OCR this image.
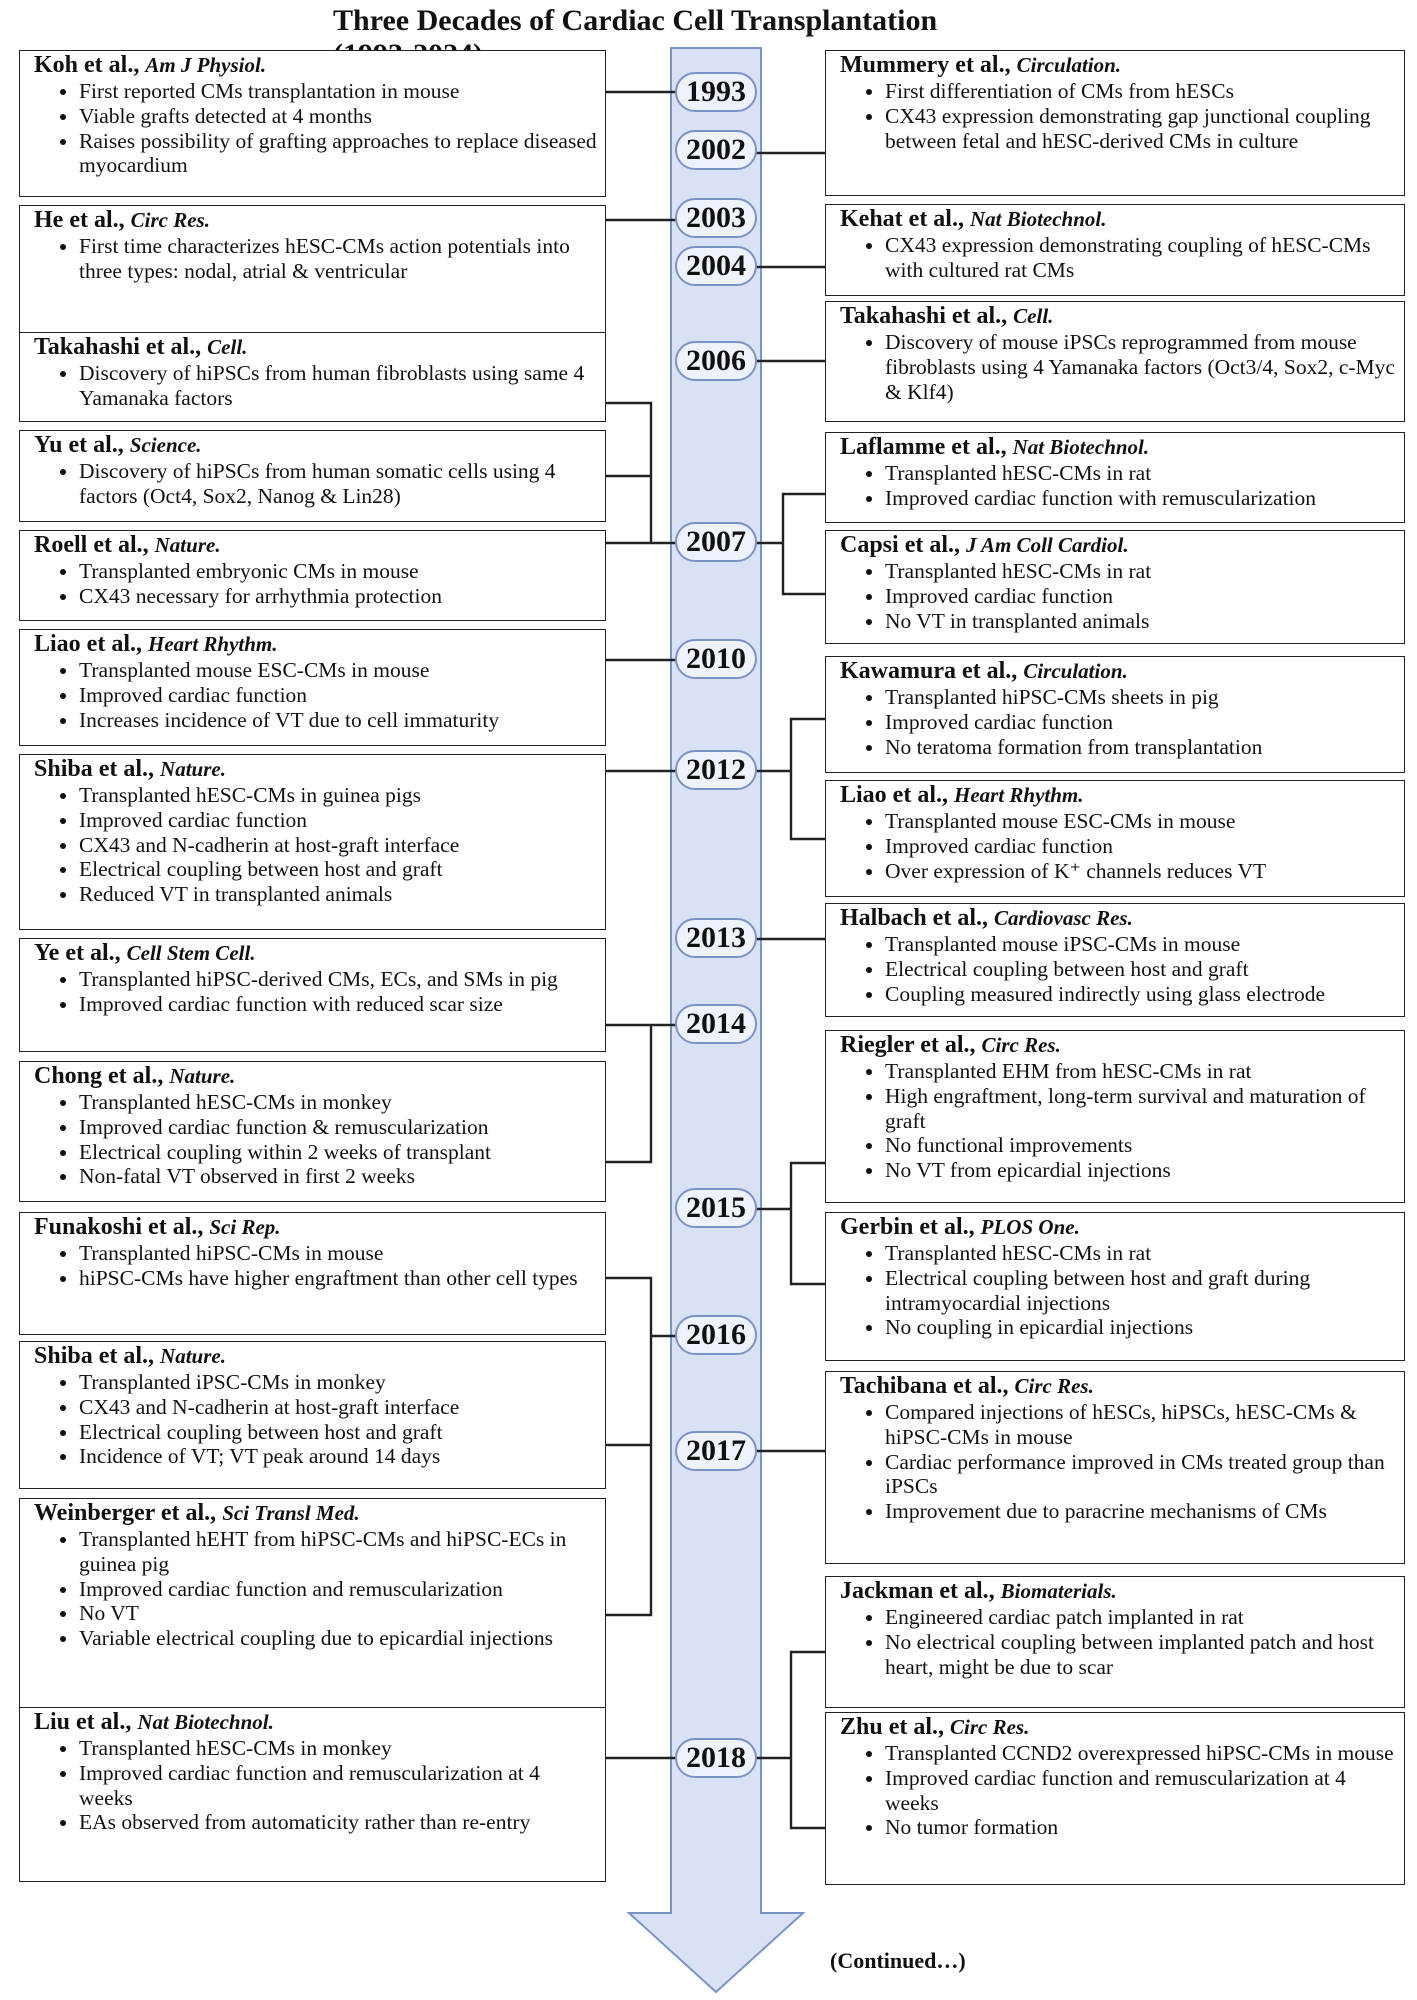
Three Decades of Cardiac Cell Transplantation
1993
2002
2003
2004
2006
2007
2010
2012
2013
2014
2015
2016
2017
2018
Koh et al., Am J Physiol.
• First reported CMs transplantation in mouse
• Viable grafts detected at 4 months
• Raises possibility of grafting approaches to replace diseased myocardium
He et al., Circ Res.
• First time characterizes hESC-CMs action potentials into three types: nodal, atrial & ventricular
Takahashi et al., Cell.
• Discovery of hiPSCs from human fibroblasts using same 4 Yamanaka factors
Yu et al., Science.
• Discovery of hiPSCs from human somatic cells using 4 factors (Oct4, Sox2, Nanog & Lin28)
Roell et al., Nature.
• Transplanted embryonic CMs in mouse
• CX43 necessary for arrhythmia protection
Liao et al., Heart Rhythm.
• Transplanted mouse ESC-CMs in mouse
• Improved cardiac function
• Increases incidence of VT due to cell immaturity
Shiba et al., Nature.
• Transplanted hESC-CMs in guinea pigs
• Improved cardiac function
• CX43 and N-cadherin at host-graft interface
• Electrical coupling between host and graft
• Reduced VT in transplanted animals
Ye et al., Cell Stem Cell.
• Transplanted hiPSC-derived CMs, ECs, and SMs in pig
• Improved cardiac function with reduced scar size
Chong et al., Nature.
• Transplanted hESC-CMs in monkey
• Improved cardiac function & remuscularization
• Electrical coupling within 2 weeks of transplant
• Non-fatal VT observed in first 2 weeks
Funakoshi et al., Sci Rep.
• Transplanted hiPSC-CMs in mouse
• hiPSC-CMs have higher engraftment than other cell types
Shiba et al., Nature.
• Transplanted iPSC-CMs in monkey
• CX43 and N-cadherin at host-graft interface
• Electrical coupling between host and graft
• Incidence of VT; VT peak around 14 days
Weinberger et al., Sci Transl Med.
• Transplanted hEHT from hiPSC-CMs and hiPSC-ECs in guinea pig
• Improved cardiac function and remuscularization
• No VT
• Variable electrical coupling due to epicardial injections
Liu et al., Nat Biotechnol.
• Transplanted hESC-CMs in monkey
• Improved cardiac function and remuscularization at 4 weeks
• EAs observed from automaticity rather than re-entry
Mummery et al., Circulation.
• First differentiation of CMs from hESCs
• CX43 expression demonstrating gap junctional coupling between fetal and hESC-derived CMs in culture
Kehat et al., Nat Biotechnol.
• CX43 expression demonstrating coupling of hESC-CMs with cultured rat CMs
Takahashi et al., Cell.
• Discovery of mouse iPSCs reprogrammed from mouse fibroblasts using 4 Yamanaka factors (Oct3/4, Sox2, c-Myc & Klf4)
Laflamme et al., Nat Biotechnol.
• Transplanted hESC-CMs in rat
• Improved cardiac function with remuscularization
Capsi et al., J Am Coll Cardiol.
• Transplanted hESC-CMs in rat
• Improved cardiac function
• No VT in transplanted animals
Kawamura et al., Circulation.
• Transplanted hiPSC-CMs sheets in pig
• Improved cardiac function
• No teratoma formation from transplantation
Liao et al., Heart Rhythm.
• Transplanted mouse ESC-CMs in mouse
• Improved cardiac function
• Over expression of K⁺ channels reduces VT
Halbach et al., Cardiovasc Res.
• Transplanted mouse iPSC-CMs in mouse
• Electrical coupling between host and graft
• Coupling measured indirectly using glass electrode
Riegler et al., Circ Res.
• Transplanted EHM from hESC-CMs in rat
• High engraftment, long-term survival and maturation of graft
• No functional improvements
• No VT from epicardial injections
Gerbin et al., PLOS One.
• Transplanted hESC-CMs in rat
• Electrical coupling between host and graft during intramyocardial injections
• No coupling in epicardial injections
Tachibana et al., Circ Res.
• Compared injections of hESCs, hiPSCs, hESC-CMs & hiPSC-CMs in mouse
• Cardiac performance improved in CMs treated group than iPSCs
• Improvement due to paracrine mechanisms of CMs
Jackman et al., Biomaterials.
• Engineered cardiac patch implanted in rat
• No electrical coupling between implanted patch and host heart, might be due to scar
Zhu et al., Circ Res.
• Transplanted CCND2 overexpressed hiPSC-CMs in mouse
• Improved cardiac function and remuscularization at 4 weeks
• No tumor formation
(Continued…)
